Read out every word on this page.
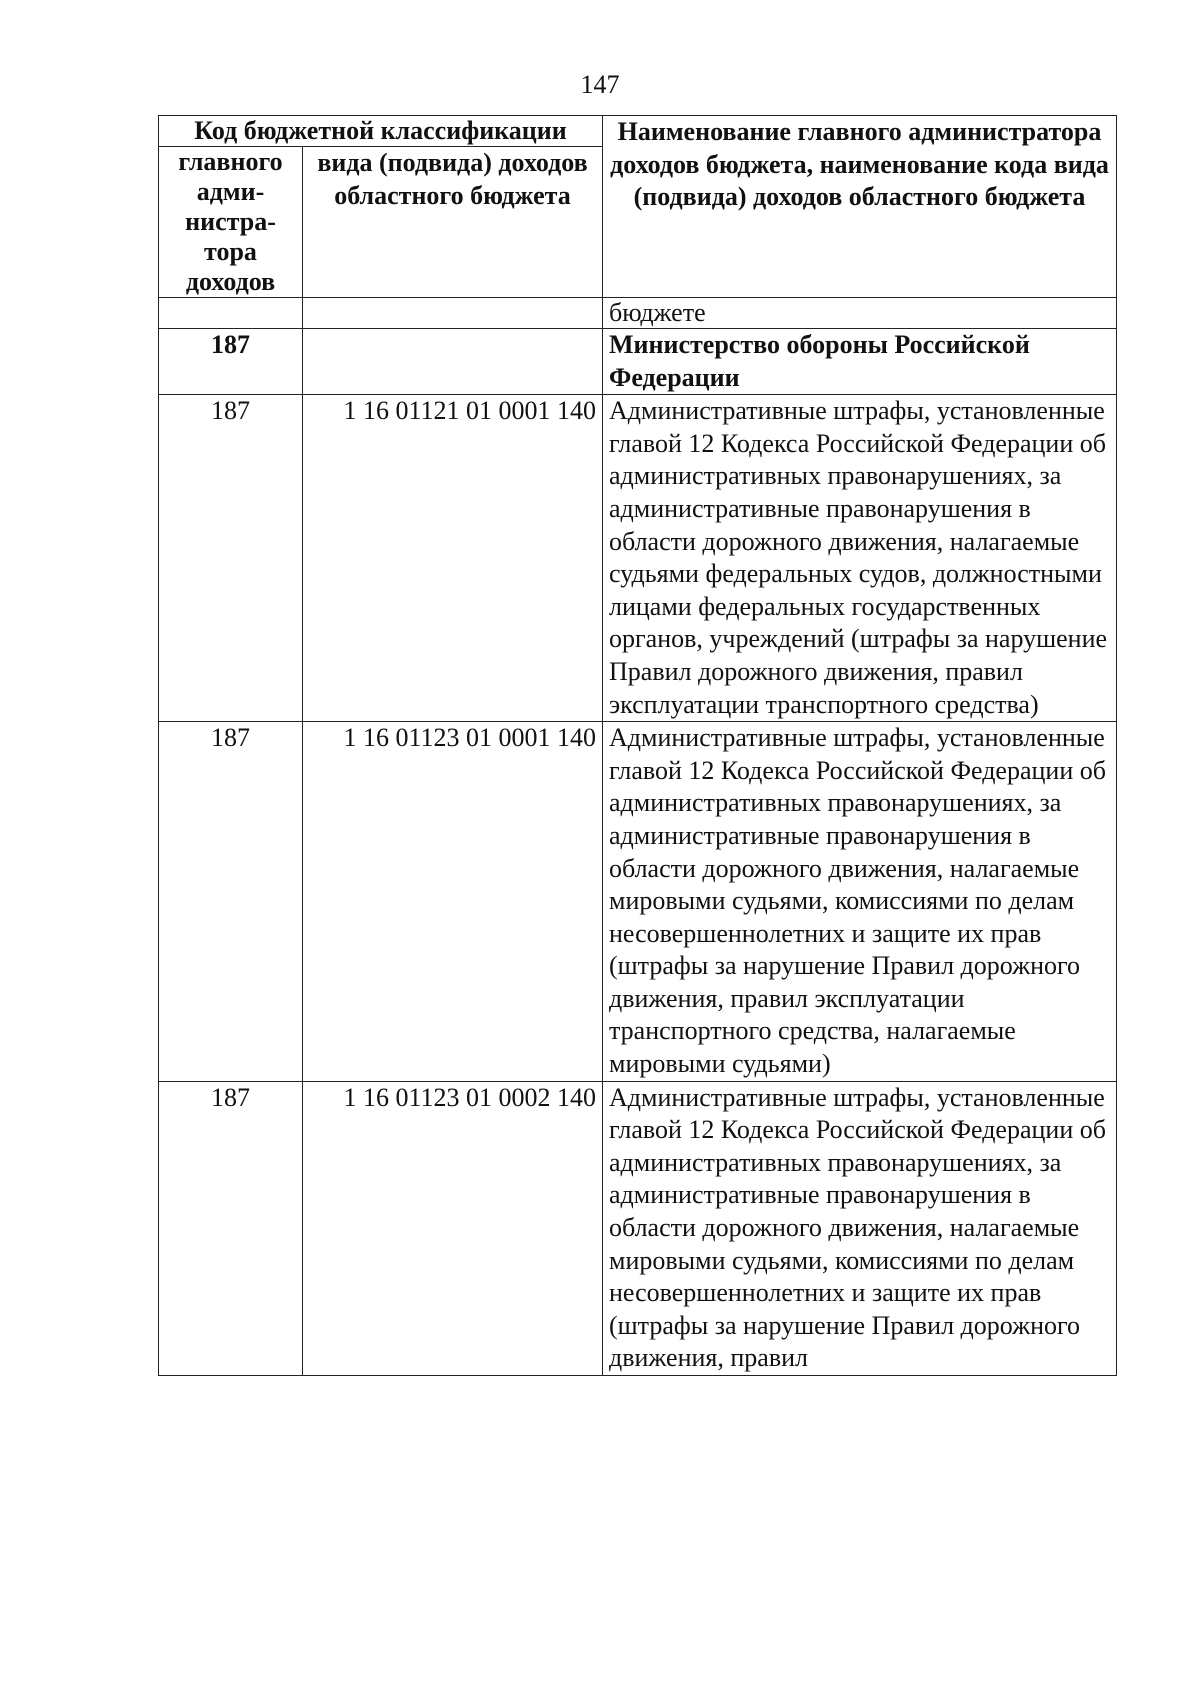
147
Код бюджетной классификации		Наименование главного администратора доходов бюджета, наименование кода вида (подвида) доходов областного бюджета
главного
адми-
нистра-
тора
доходов	вида (подвида) доходов областного бюджета	
		бюджете
187		Министерство обороны Российской Федерации
187	1 16 01121 01 0001 140	Административные штрафы, установленные главой 12 Кодекса Российской Федерации об административных правонарушениях, за административные правонарушения в области дорожного движения, налагаемые судьями федеральных судов, должностными лицами федеральных государственных органов, учреждений (штрафы за нарушение Правил дорожного движения, правил эксплуатации транспортного средства)
187	1 16 01123 01 0001 140	Административные штрафы, установленные главой 12 Кодекса Российской Федерации об административных правонарушениях, за административные правонарушения в области дорожного движения, налагаемые мировыми судьями, комиссиями по делам несовершеннолетних и защите их прав (штрафы за нарушение Правил дорожного движения, правил эксплуатации транспортного средства, налагаемые мировыми судьями)
187	1 16 01123 01 0002 140	Административные штрафы, установленные главой 12 Кодекса Российской Федерации об административных правонарушениях, за административные правонарушения в области дорожного движения, налагаемые мировыми судьями, комиссиями по делам несовершеннолетних и защите их прав (штрафы за нарушение Правил дорожного движения, правил
